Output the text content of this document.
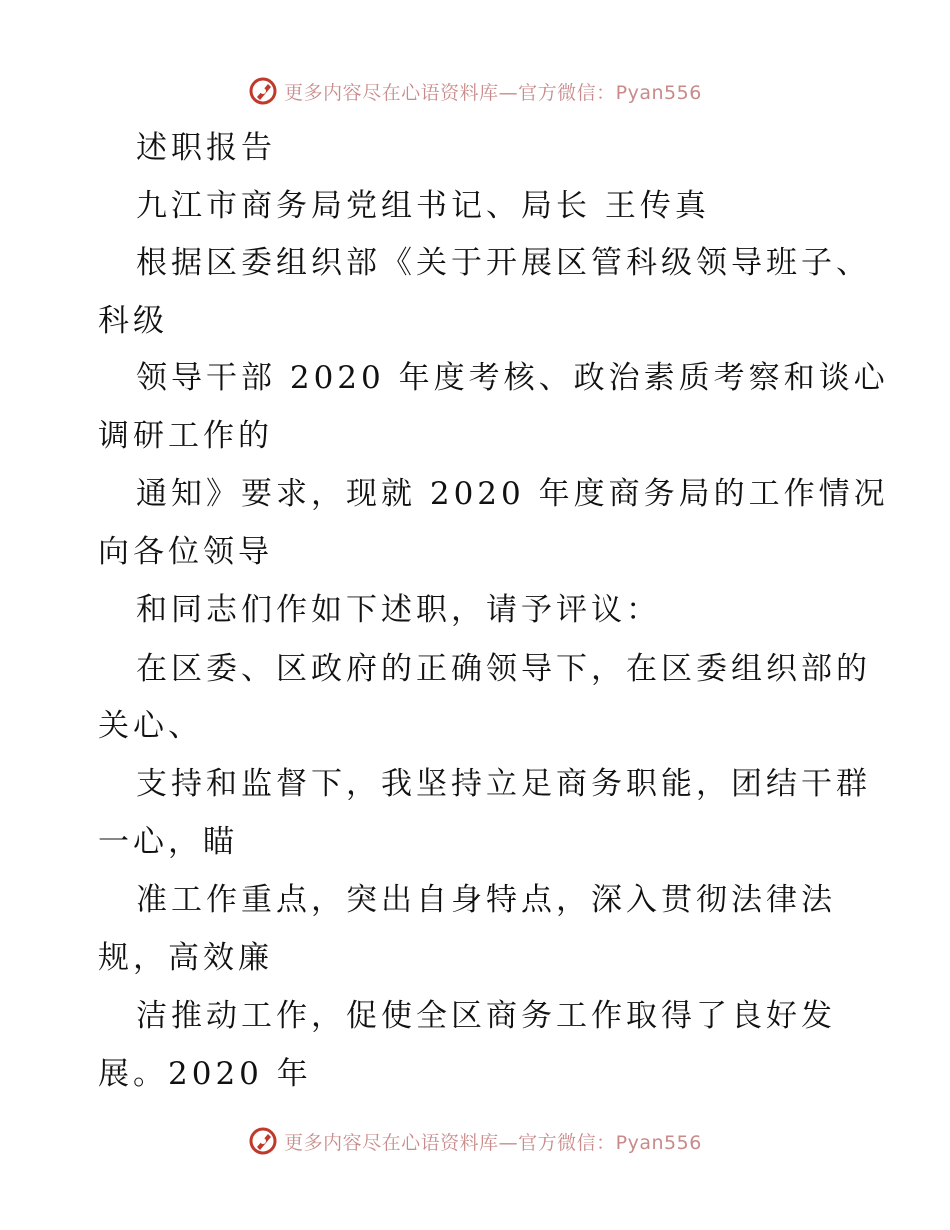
更多内容尽在心语资料库—官方微信：Pyan556
述职报告
九江市商务局党组书记、局长 王传真
根据区委组织部《关于开展区管科级领导班子、
科级
领导干部 2020 年度考核、政治素质考察和谈心
调研工作的
通知》要求，现就 2020 年度商务局的工作情况
向各位领导
和同志们作如下述职，请予评议：
在区委、区政府的正确领导下，在区委组织部的
关心、
支持和监督下，我坚持立足商务职能，团结干群
一心，瞄
准工作重点，突出自身特点，深入贯彻法律法
规，高效廉
洁推动工作，促使全区商务工作取得了良好发
展。2020 年
更多内容尽在心语资料库—官方微信：Pyan556
